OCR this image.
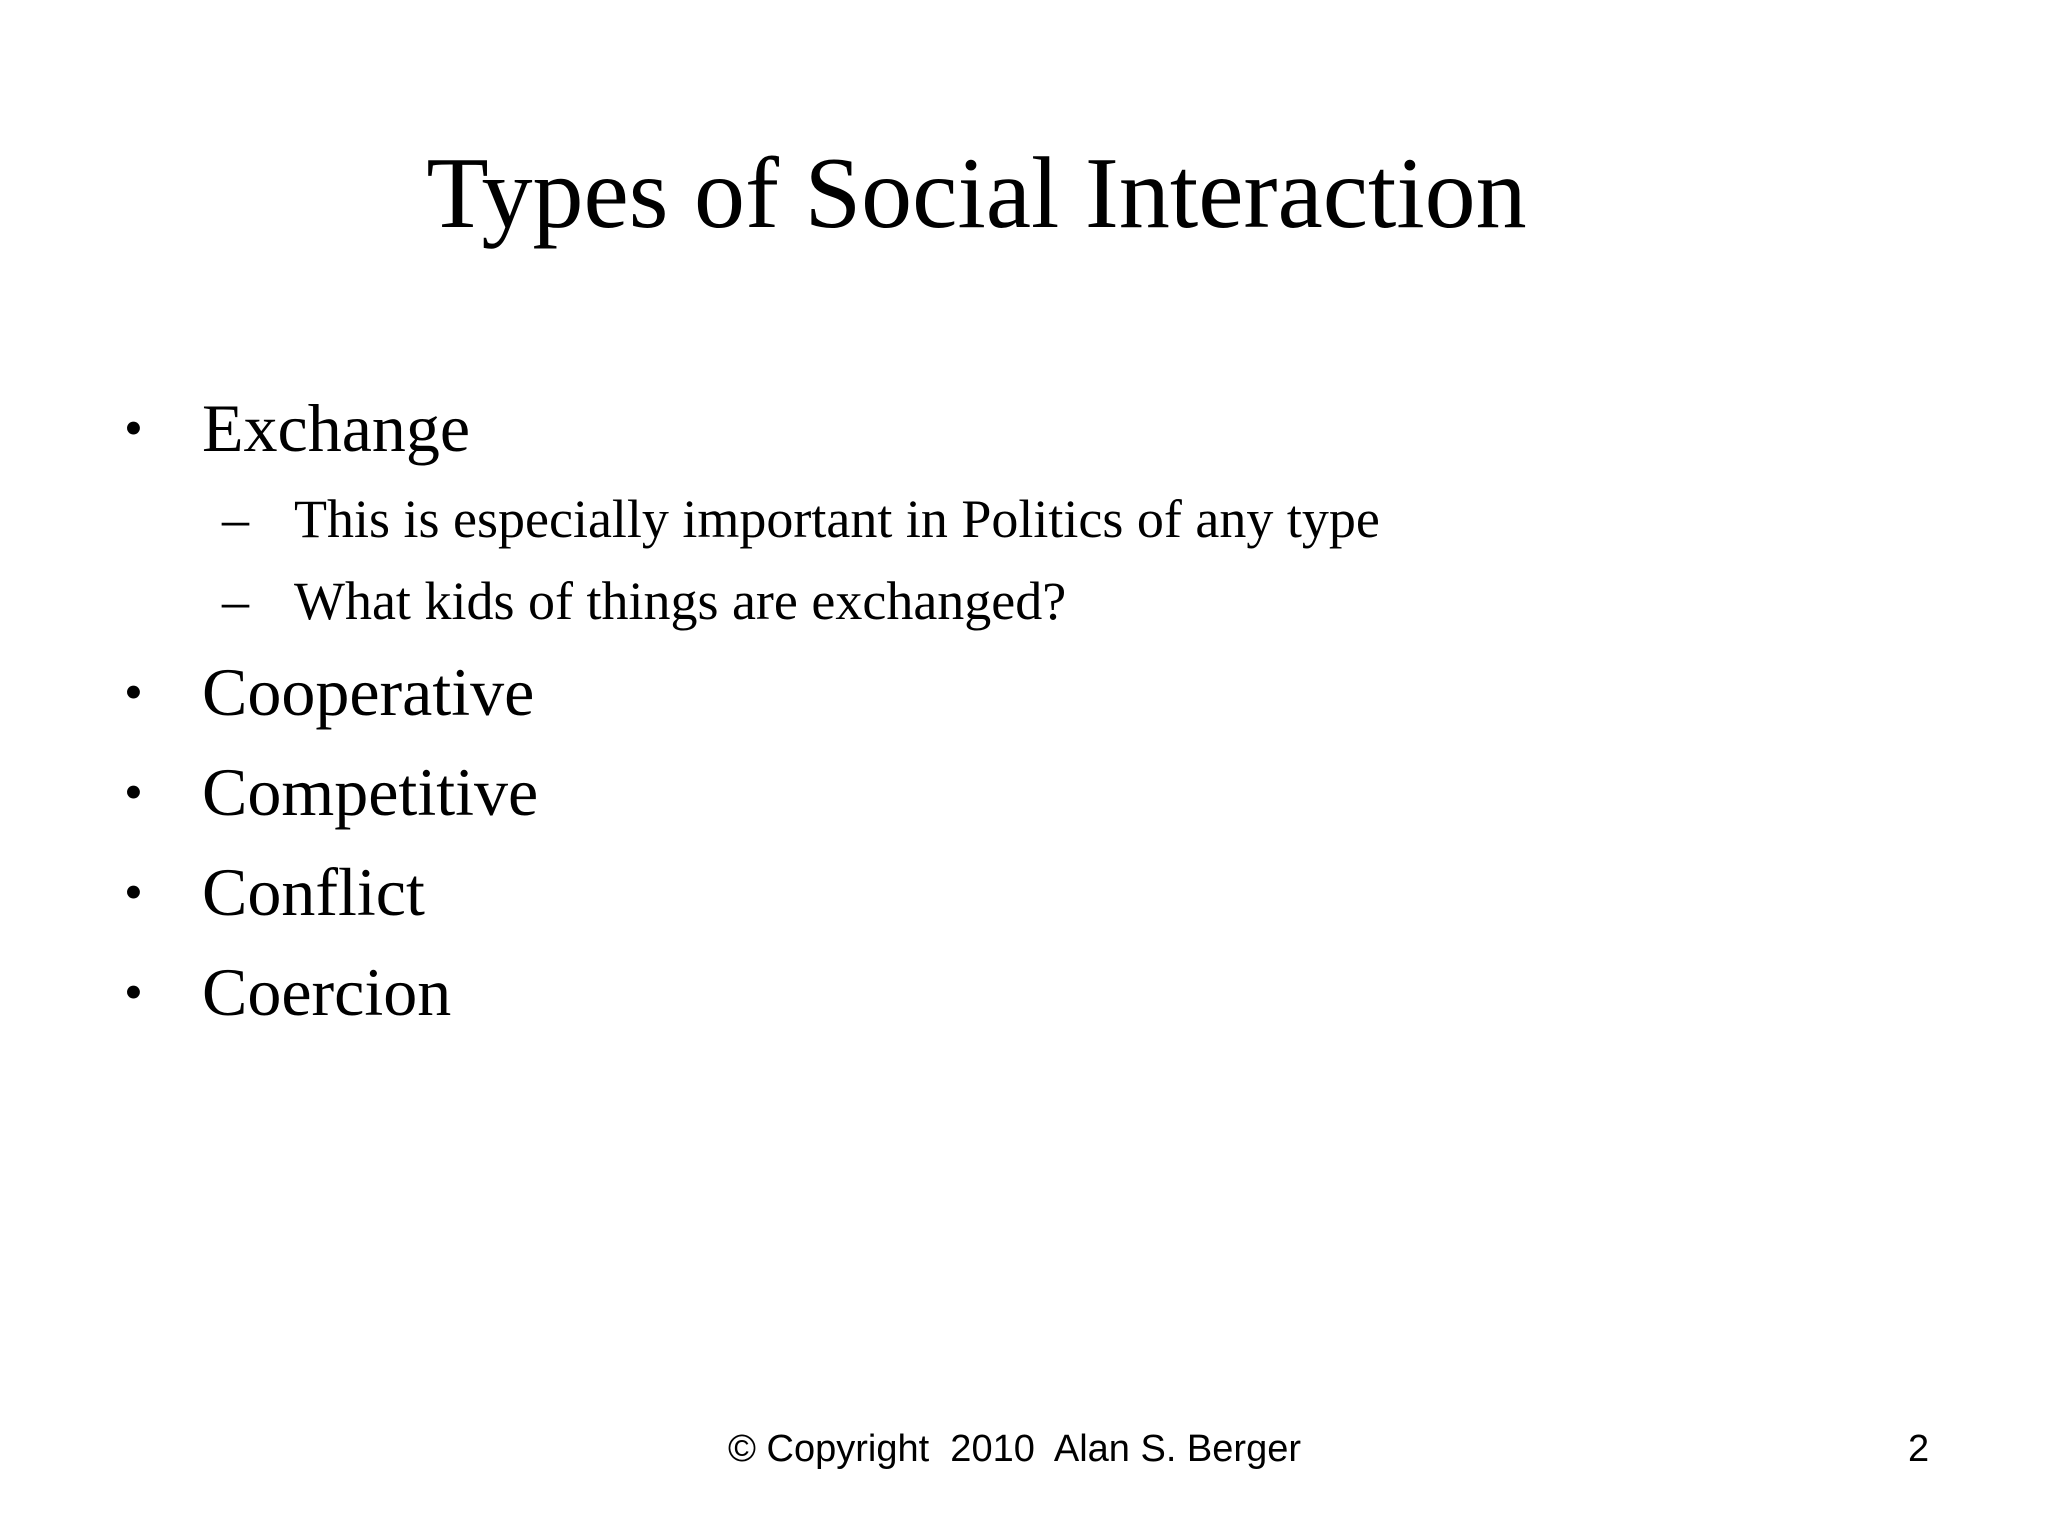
Types of Social Interaction
• Exchange
– This is especially important in Politics of any type
– What kids of things are exchanged?
• Cooperative
• Competitive
• Conflict
• Coercion
© Copyright  2010  Alan S. Berger	2
